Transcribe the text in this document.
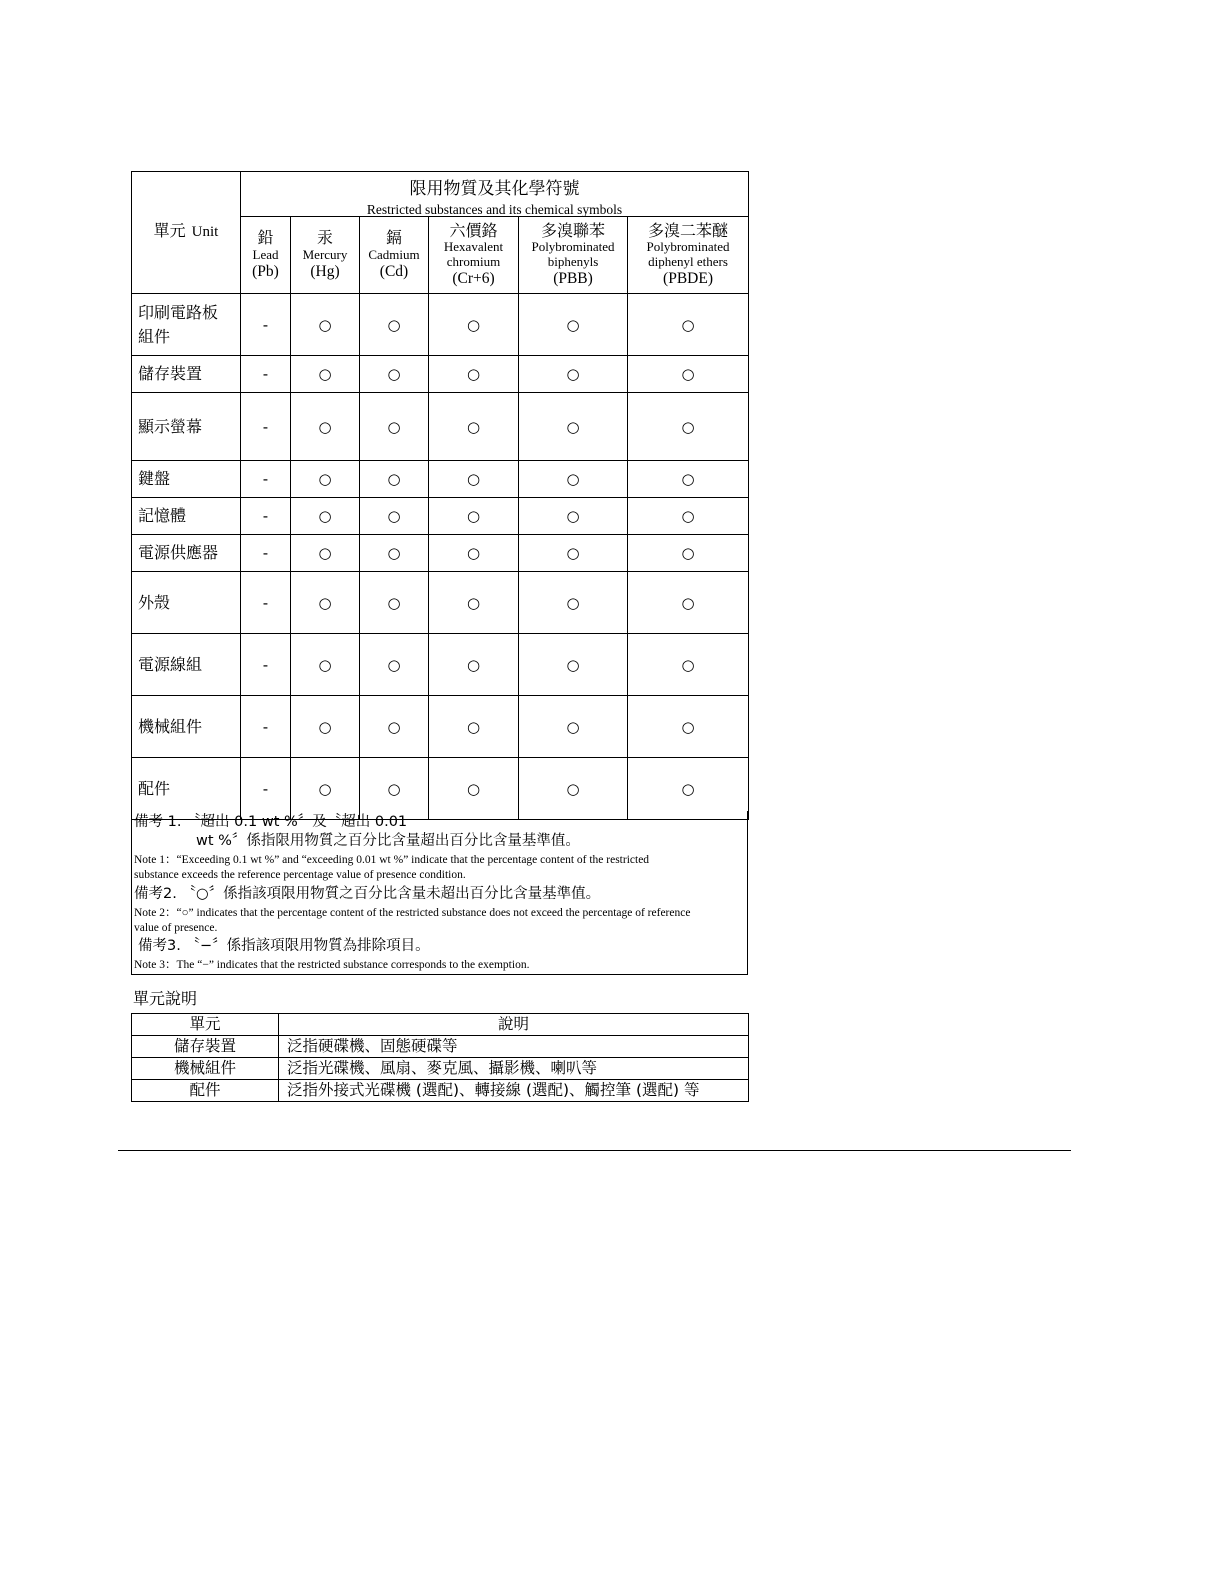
單元 Unit	限用物質及其化學符號
Restricted substances and its chemical symbols					

	鉛
Lead
(Pb)	汞
Mercury
(Hg)	鎘
Cadmium
(Cd)	六價鉻
Hexavalent
chromium
(Cr+6)	多溴聯苯
Polybrominated
biphenyls
(PBB)	多溴二苯醚
Polybrominated
diphenyl ethers
(PBDE)

印刷電路板
組件	-	○	○	○	○	○
儲存裝置	-	○	○	○	○	○
顯示螢幕	-	○	○	○	○	○
鍵盤	-	○	○	○	○	○
記憶體	-	○	○	○	○	○
電源供應器	-	○	○	○	○	○
外殼	-	○	○	○	○	○
電源線組	-	○	○	○	○	○
機械組件	-	○	○	○	○	○
配件	-	○	○	○	○	○
備考 1. 〝超出 0.1 wt %〞及〝超出 0.01
wt %〞係指限用物質之百分比含量超出百分比含量基準值。
Note 1：“Exceeding 0.1 wt %” and “exceeding 0.01 wt %” indicate that the percentage content of the restricted
substance exceeds the reference percentage value of presence condition.
備考2. 〝○〞係指該項限用物質之百分比含量未超出百分比含量基準值。
Note 2：“○” indicates that the percentage content of the restricted substance does not exceed the percentage of reference
value of presence.
備考3. 〝−〞係指該項限用物質為排除項目。
Note 3：The “−” indicates that the restricted substance corresponds to the exemption.
單元說明
單元	說明
儲存裝置	泛指硬碟機、固態硬碟等
機械組件	泛指光碟機、風扇、麥克風、攝影機、喇叭等
配件	泛指外接式光碟機 (選配)、轉接線 (選配)、觸控筆 (選配) 等
